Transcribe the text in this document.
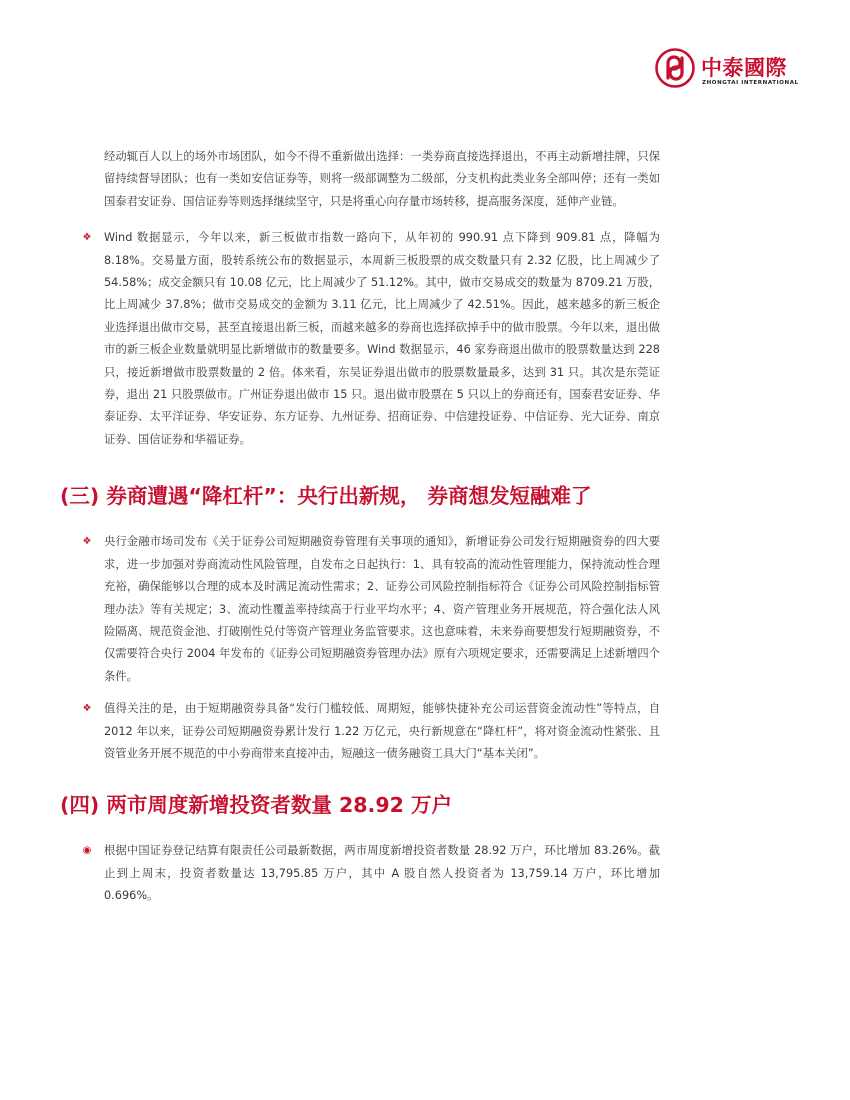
中泰國際
ZHONGTAI INTERNATIONAL
经动辄百人以上的场外市场团队，如今不得不重新做出选择：一类券商直接选择退出，不再主动新增挂牌，只保留持续督导团队；也有一类如安信证券等，则将一级部调整为二级部，分支机构此类业务全部叫停；还有一类如国泰君安证券、国信证券等则选择继续坚守，只是将重心向存量市场转移，提高服务深度，延伸产业链。
❖ Wind 数据显示，今年以来，新三板做市指数一路向下，从年初的 990.91 点下降到 909.81 点，降幅为 8.18%。交易量方面，股转系统公布的数据显示，本周新三板股票的成交数量只有 2.32 亿股，比上周减少了 54.58%；成交金额只有 10.08 亿元，比上周减少了 51.12%。其中，做市交易成交的数量为 8709.21 万股，比上周减少 37.8%；做市交易成交的金额为 3.11 亿元，比上周减少了 42.51%。因此，越来越多的新三板企业选择退出做市交易，甚至直接退出新三板，而越来越多的券商也选择砍掉手中的做市股票。今年以来，退出做市的新三板企业数量就明显比新增做市的数量要多。Wind 数据显示，46 家券商退出做市的股票数量达到 228 只，接近新增做市股票数量的 2 倍。体来看，东吴证券退出做市的股票数量最多，达到 31 只。其次是东莞证券，退出 21 只股票做市。广州证券退出做市 15 只。退出做市股票在 5 只以上的券商还有，国泰君安证券、华泰证券、太平洋证券、华安证券、东方证券、九州证券、招商证券、中信建投证券、中信证券、光大证券、南京证券、国信证券和华福证券。
(三) 券商遭遇“降杠杆”：央行出新规， 券商想发短融难了
❖ 央行金融市场司发布《关于证券公司短期融资券管理有关事项的通知》，新增证券公司发行短期融资券的四大要求，进一步加强对券商流动性风险管理，自发布之日起执行：1、具有较高的流动性管理能力，保持流动性合理充裕，确保能够以合理的成本及时满足流动性需求；2、证券公司风险控制指标符合《证券公司风险控制指标管理办法》等有关规定；3、流动性覆盖率持续高于行业平均水平；4、资产管理业务开展规范，符合强化法人风险隔离、规范资金池、打破刚性兑付等资产管理业务监管要求。这也意味着，未来券商要想发行短期融资券，不仅需要符合央行 2004 年发布的《证券公司短期融资券管理办法》原有六项规定要求，还需要满足上述新增四个条件。
❖ 值得关注的是，由于短期融资券具备“发行门槛较低、周期短，能够快捷补充公司运营资金流动性”等特点，自 2012 年以来，证券公司短期融资券累计发行 1.22 万亿元，央行新规意在“降杠杆”，将对资金流动性紧张、且资管业务开展不规范的中小券商带来直接冲击，短融这一债务融资工具大门“基本关闭”。
(四) 两市周度新增投资者数量 28.92 万户
◉ 根据中国证券登记结算有限责任公司最新数据，两市周度新增投资者数量 28.92 万户，环比增加 83.26%。截止到上周末，投资者数量达 13,795.85 万户，其中 A 股自然人投资者为 13,759.14 万户，环比增加 0.696%。
